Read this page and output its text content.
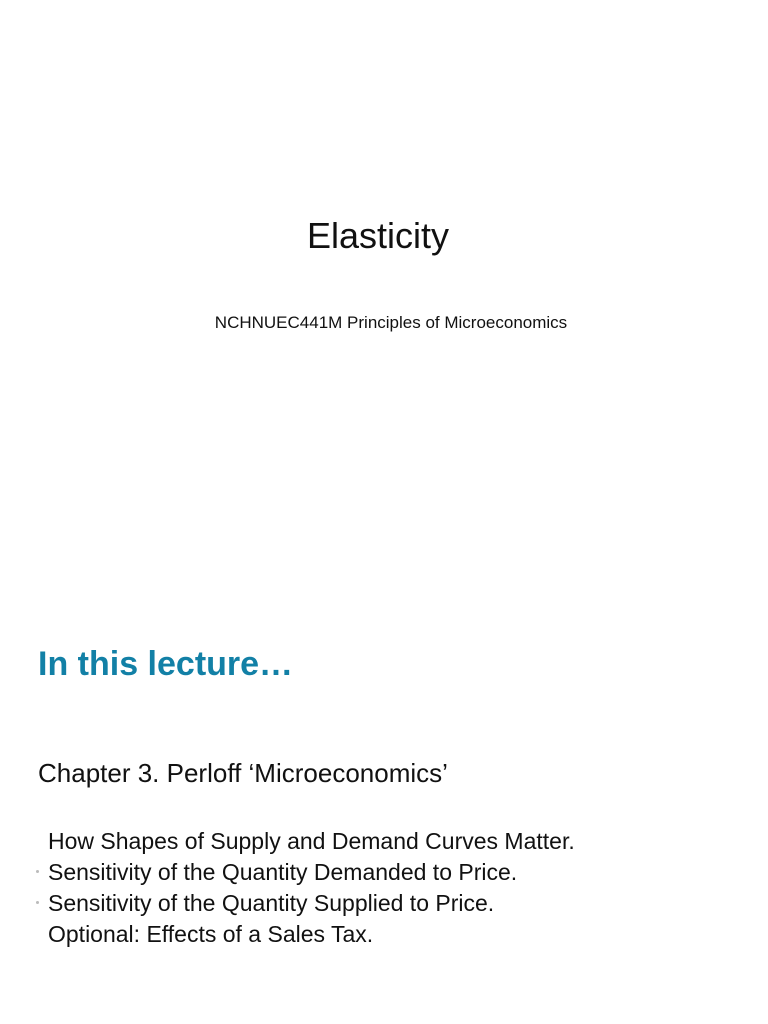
Elasticity

NCHNUEC441M Principles of Microeconomics

In this lecture…

Chapter 3. Perloff ‘Microeconomics’

How Shapes of Supply and Demand Curves Matter.
Sensitivity of the Quantity Demanded to Price.
Sensitivity of the Quantity Supplied to Price.
Optional: Effects of a Sales Tax.
